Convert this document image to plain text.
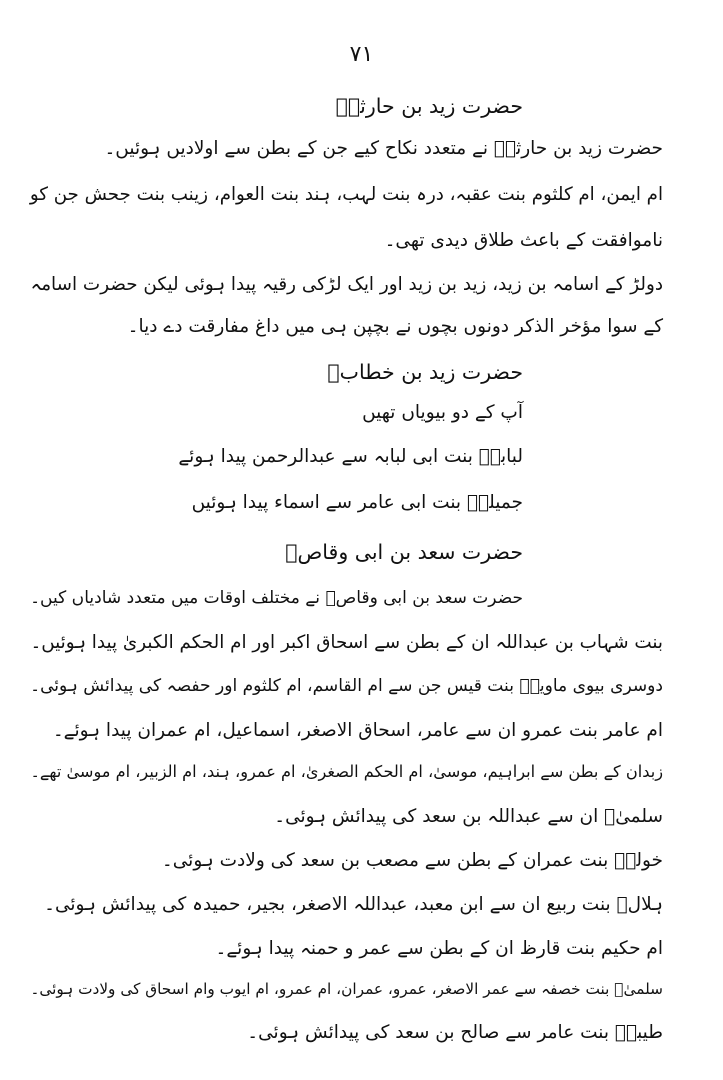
۷۱
حضرت زید بن حارثہؓ
حضرت زید بن حارثہؓ نے متعدد نکاح کیے جن کے بطن سے اولادیں ہوئیں۔
ام ایمن، ام کلثوم بنت عقبہ، درہ بنت لہب، ہند بنت العوام، زینب بنت جحش جن کو
ناموافقت کے باعث طلاق دیدی تھی۔
دولڑ کے اسامہ بن زید، زید بن زید اور ایک لڑکی رقیہ پیدا ہوئی لیکن حضرت اسامہ
کے سوا مؤخر الذکر دونوں بچوں نے بچپن ہی میں داغ مفارقت دے دیا۔
حضرت زید بن خطابؓ
آپ کے دو بیویاں تھیں
لبابہؓ بنت ابی لبابہ سے عبدالرحمن پیدا ہوئے
جمیلہؓ بنت ابی عامر سے اسماء پیدا ہوئیں
حضرت سعد بن ابی وقاصؓ
حضرت سعد بن ابی وقاصؓ نے مختلف اوقات میں متعدد شادیاں کیں۔
بنت شہاب بن عبداللہ ان کے بطن سے اسحاق اکبر اور ام الحکم الکبریٰ پیدا ہوئیں۔
دوسری بیوی ماویہؓ بنت قیس جن سے ام القاسم، ام کلثوم اور حفصہ کی پیدائش ہوئی۔
ام عامر بنت عمرو ان سے عامر، اسحاق الاصغر، اسماعیل، ام عمران پیدا ہوئے۔
زبدان کے بطن سے ابراہیم، موسیٰ، ام الحکم الصغریٰ، ام عمرو، ہند، ام الزبیر، ام موسیٰ تھے۔
سلمیٰؓ ان سے عبداللہ بن سعد کی پیدائش ہوئی۔
خولہؓ بنت عمران کے بطن سے مصعب بن سعد کی ولادت ہوئی۔
ہلالؓ بنت ربیع ان سے ابن معبد، عبداللہ الاصغر، بجیر، حمیدہ کی پیدائش ہوئی۔
ام حکیم بنت قارظ ان کے بطن سے عمر و حمنہ پیدا ہوئے۔
سلمیٰؓ بنت خصفہ سے عمر الاصغر، عمرو، عمران، ام عمرو، ام ایوب وام اسحاق کی ولادت ہوئی۔
طیبہؓ بنت عامر سے صالح بن سعد کی پیدائش ہوئی۔
